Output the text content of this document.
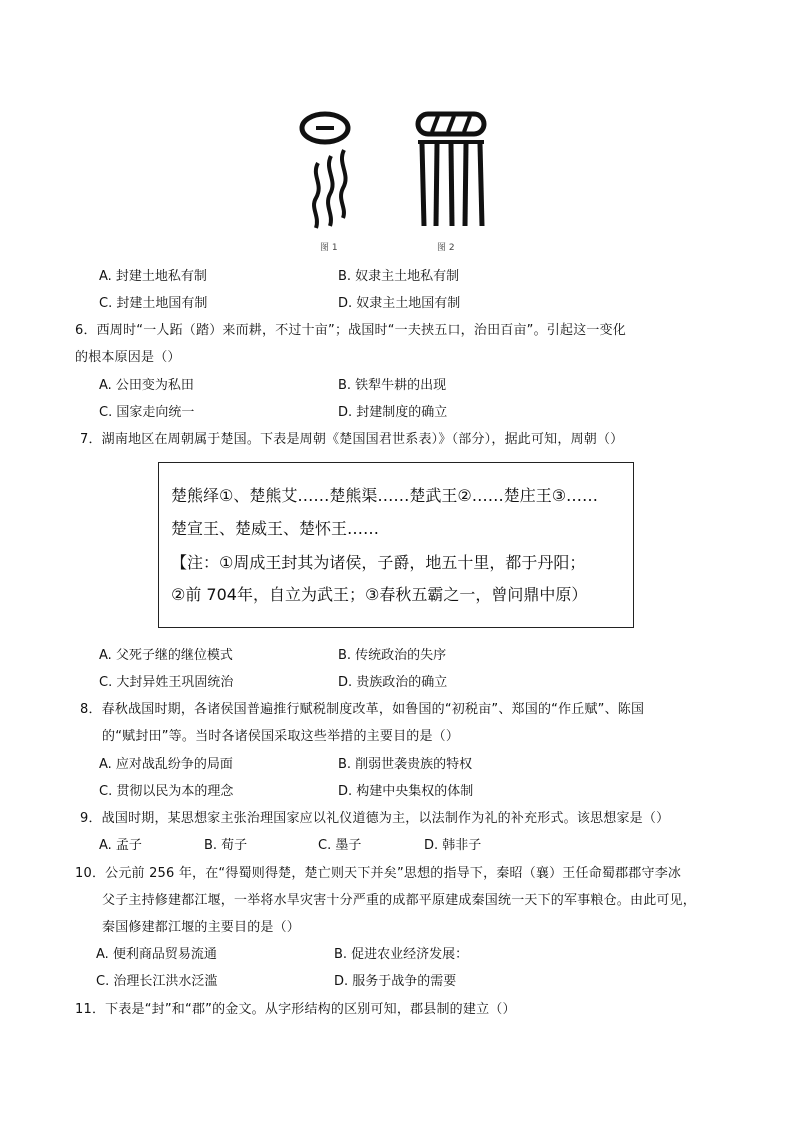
图 1	图 2
A. 封建土地私有制	B. 奴隶主土地私有制
C. 封建土地国有制	D. 奴隶主土地国有制
6．西周时“一人跖（踏）来而耕，不过十亩”；战国时“一夫挟五口，治田百亩”。引起这一变化
的根本原因是（）
A. 公田变为私田	B. 铁犁牛耕的出现
C. 国家走向统一	D. 封建制度的确立
7．湖南地区在周朝属于楚国。下表是周朝《楚国国君世系表）》（部分），据此可知，周朝（）
楚熊绎①、楚熊艾……楚熊渠……楚武王②……楚庄王③……
楚宣王、楚威王、楚怀王……
【注：①周成王封其为诸侯，子爵，地五十里，都于丹阳；
②前 704年，自立为武王；③春秋五霸之一，曾问鼎中原）
A. 父死子继的继位模式	B. 传统政治的失序
C. 大封异姓王巩固统治	D. 贵族政治的确立
8．春秋战国时期，各诸侯国普遍推行赋税制度改革，如鲁国的“初税亩”、郑国的“作丘赋”、陈国
的“赋封田”等。当时各诸侯国采取这些举措的主要目的是（）
A. 应对战乱纷争的局面	B. 削弱世袭贵族的特权
C. 贯彻以民为本的理念	D. 构建中央集权的体制
9．战国时期，某思想家主张治理国家应以礼仪道德为主，以法制作为礼的补充形式。该思想家是（）
A. 孟子	B. 荀子	C. 墨子	D. 韩非子
10．公元前 256 年，在“得蜀则得楚，楚亡则天下并矣”思想的指导下，秦昭（襄）王任命蜀郡郡守李冰
父子主持修建都江堰，一举将水旱灾害十分严重的成都平原建成秦国统一天下的军事粮仓。由此可见，
秦国修建都江堰的主要目的是（）
A. 便利商品贸易流通	B. 促进农业经济发展：
C. 治理长江洪水泛滥	D. 服务于战争的需要
11．下表是“封”和“郡”的金文。从字形结构的区别可知，郡县制的建立（）
